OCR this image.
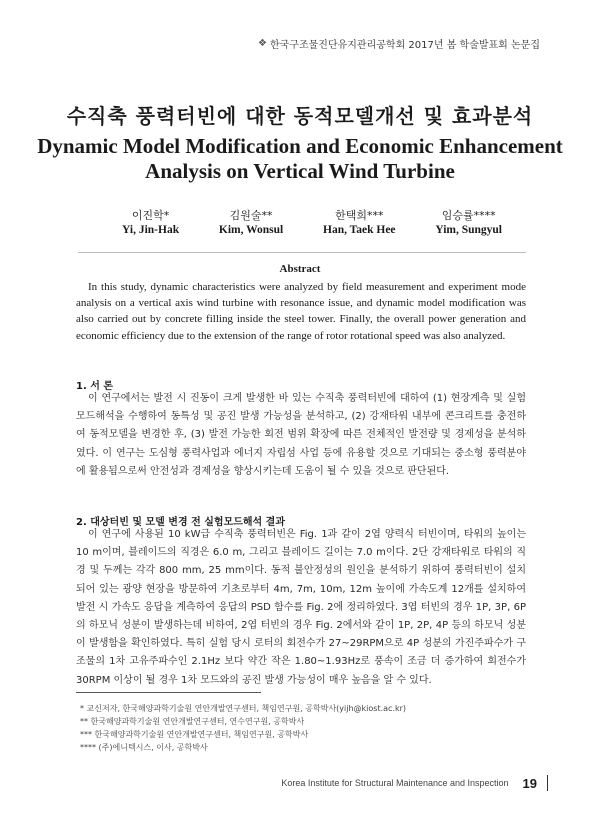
❖ 한국구조물진단유지관리공학회 2017년 봄 학술발표회 논문집
수직축 풍력터빈에 대한 동적모델개선 및 효과분석
Dynamic Model Modification and Economic Enhancement
Analysis on Vertical Wind Turbine
이진학*
Yi, Jin-Hak
김원술**
Kim, Wonsul
한택희***
Han, Taek Hee
임승률****
Yim, Sungyul
Abstract

In this study, dynamic characteristics were analyzed by field measurement and experiment mode analysis on a vertical axis wind turbine with resonance issue, and dynamic model modification was also carried out by concrete filling inside the steel tower. Finally, the overall power generation and economic efficiency due to the extension of the range of rotor rotational speed was also analyzed.

1. 서 론

이 연구에서는 발전 시 진동이 크게 발생한 바 있는 수직축 풍력터빈에 대하여 (1) 현장계측 및 실험모드해석을 수행하여 동특성 및 공진 발생 가능성을 분석하고, (2) 강재타워 내부에 콘크리트를 충전하여 동적모델을 변경한 후, (3) 발전 가능한 회전 범위 확장에 따른 전체적인 발전량 및 경제성을 분석하였다. 이 연구는 도심형 풍력사업과 에너지 자립섬 사업 등에 유용할 것으로 기대되는 중소형 풍력분야에 활용됨으로써 안전성과 경제성을 향상시키는데 도움이 될 수 있을 것으로 판단된다.

2. 대상터빈 및 모델 변경 전 실험모드해석 결과

이 연구에 사용된 10 kW급 수직축 풍력터빈은 Fig. 1과 같이 2엽 양력식 터빈이며, 타워의 높이는 10 m이며, 블레이드의 직경은 6.0 m, 그리고 블레이드 길이는 7.0 m이다. 2단 강재타워로 타워의 직경 및 두께는 각각 800 mm, 25 mm이다. 동적 불안정성의 원인을 분석하기 위하여 풍력터빈이 설치되어 있는 광양 현장을 방문하여 기초로부터 4m, 7m, 10m, 12m 높이에 가속도계 12개를 설치하여 발전 시 가속도 응답을 계측하여 응답의 PSD 함수를 Fig. 2에 정리하였다. 3엽 터빈의 경우 1P, 3P, 6P의 하모닉 성분이 발생하는데 비하여, 2엽 터빈의 경우 Fig. 2에서와 같이 1P, 2P, 4P 등의 하모닉 성분이 발생함을 확인하였다. 특히 실험 당시 로터의 회전수가 27~29RPM으로 4P 성분의 가진주파수가 구조물의 1차 고유주파수인 2.1Hz 보다 약간 작은 1.80~1.93Hz로 풍속이 조금 더 증가하여 회전수가 30RPM 이상이 될 경우 1차 모드와의 공진 발생 가능성이 매우 높음을 알 수 있다.

* 교신저자, 한국해양과학기술원 연안개발연구센터, 책임연구원, 공학박사(yijh@kiost.ac.kr)
** 한국해양과학기술원 연안개발연구센터, 연수연구원, 공학박사
*** 한국해양과학기술원 연안개발연구센터, 책임연구원, 공학박사
**** (주)에니텍시스, 이사, 공학박사
Korea Institute for Structural Maintenance and Inspection 19
